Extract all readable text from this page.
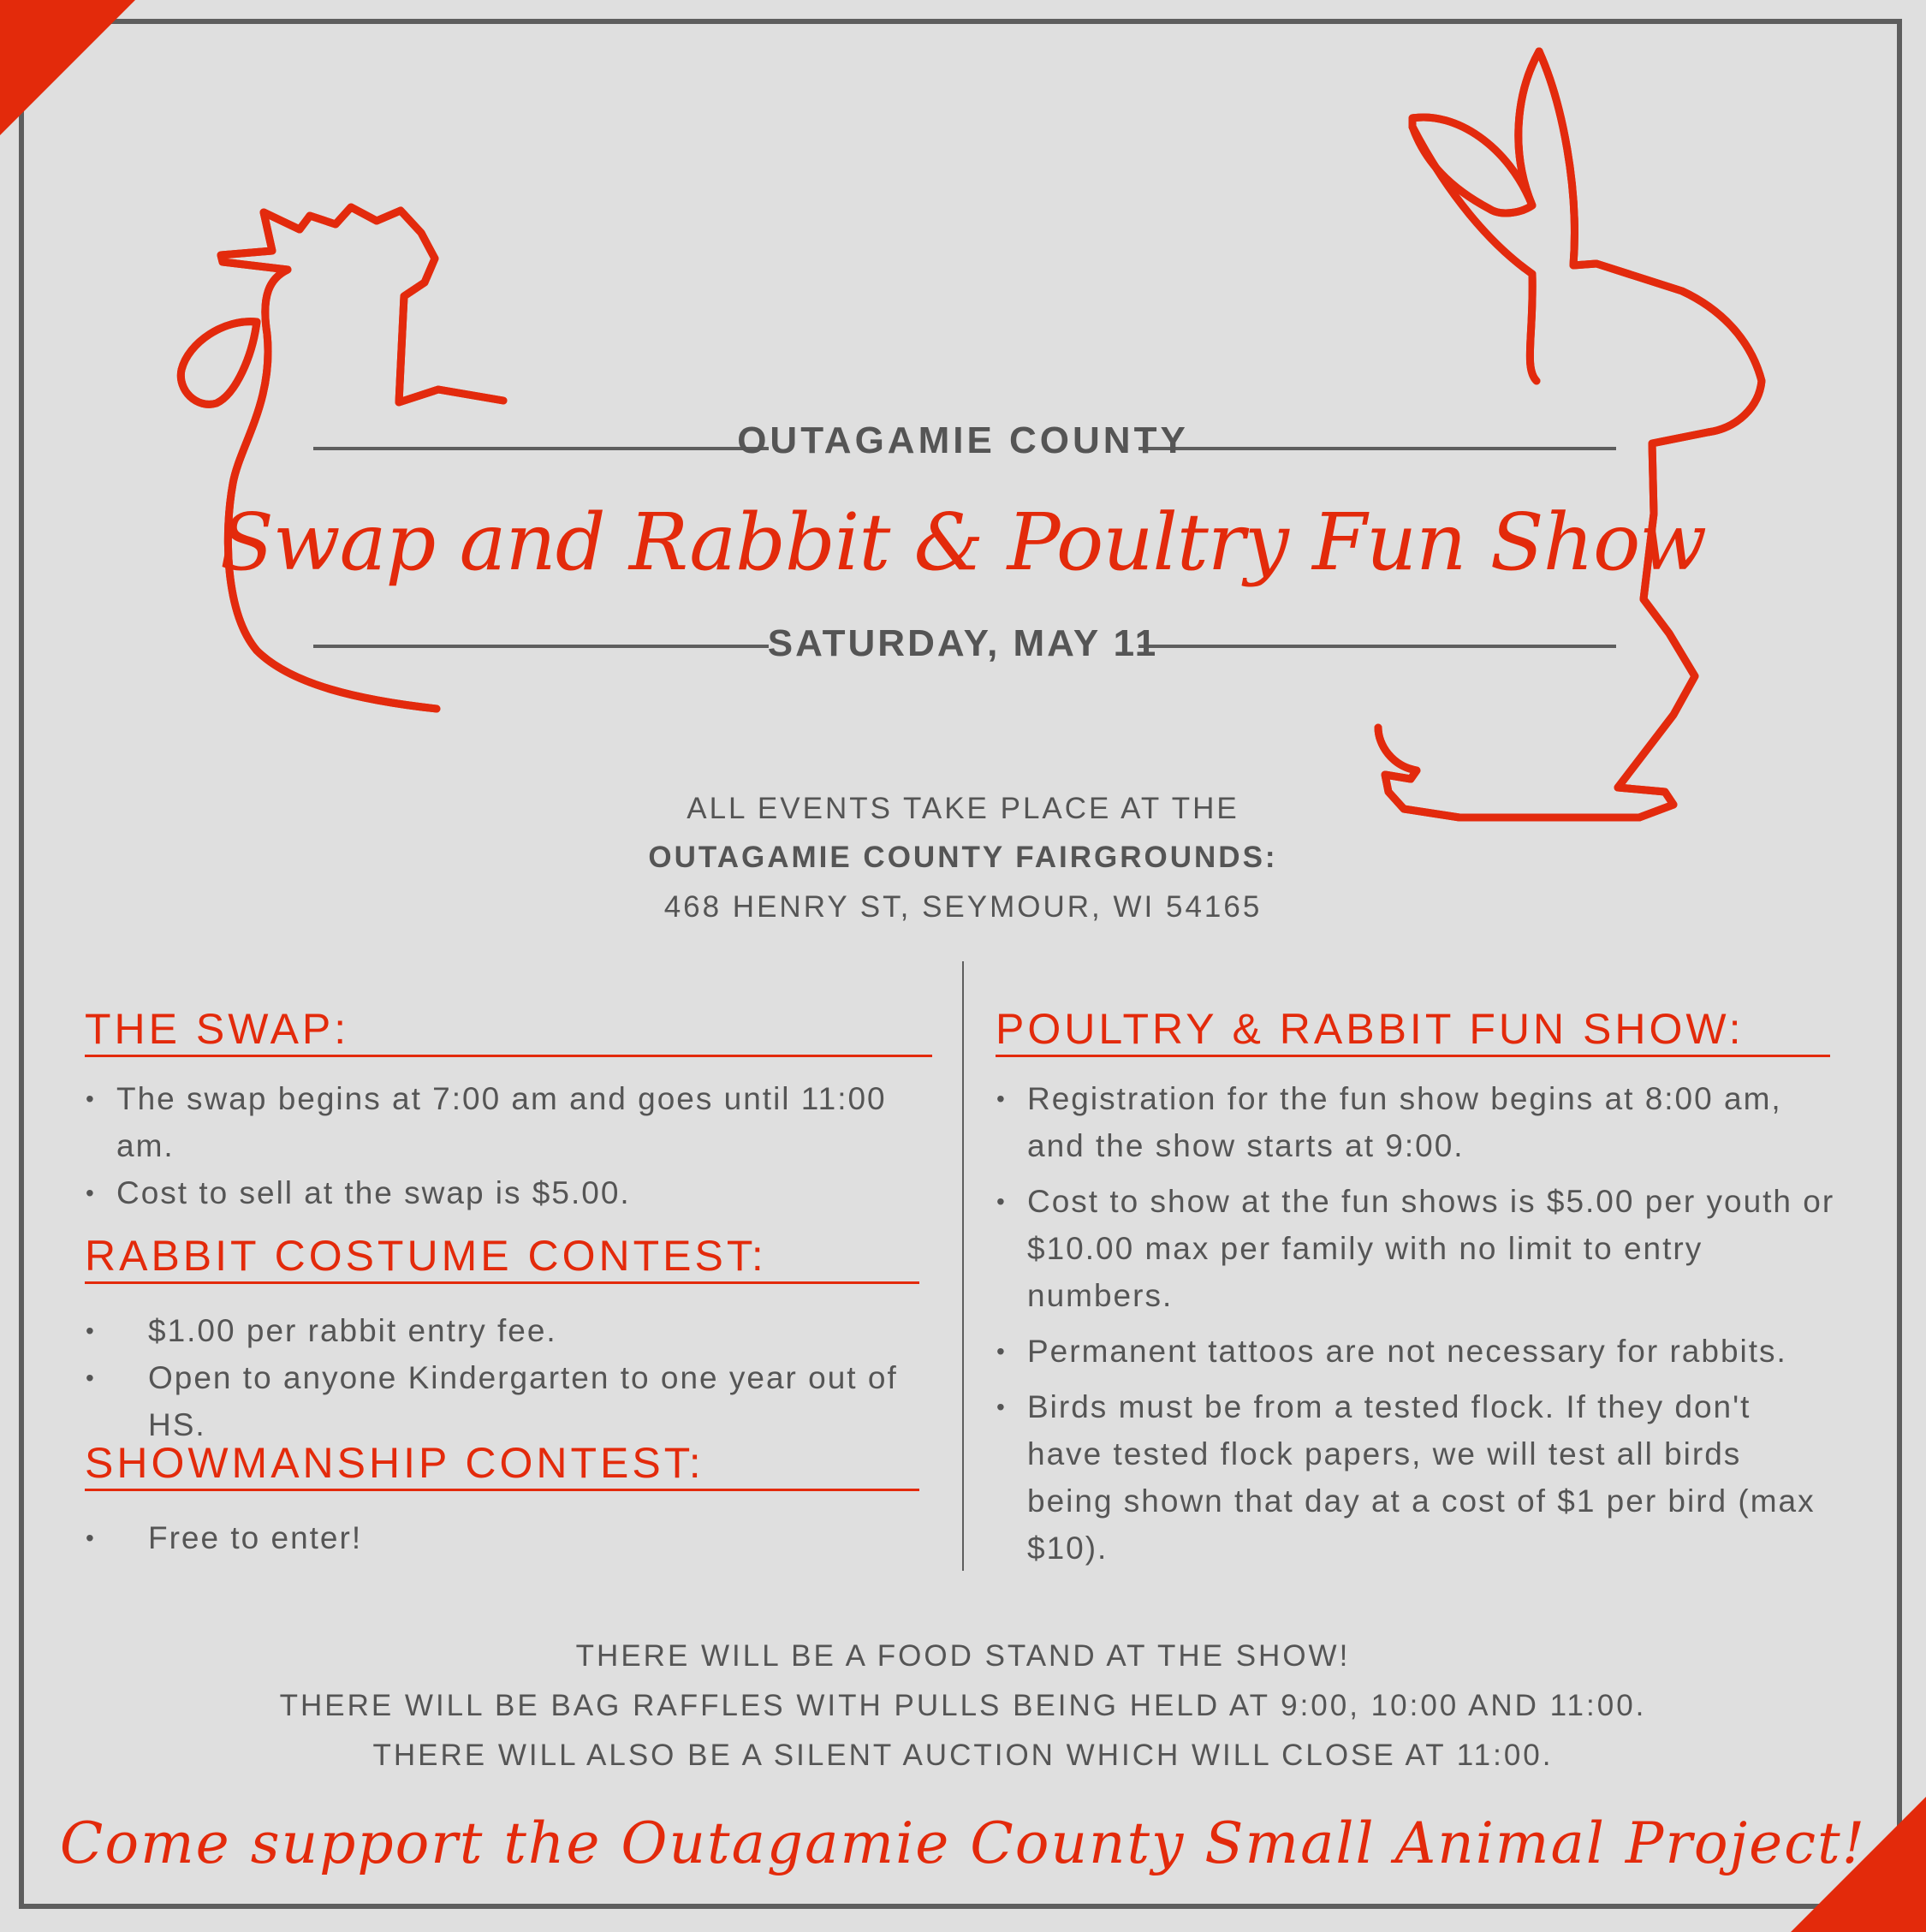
OUTAGAMIE COUNTY
Swap and Rabbit & Poultry Fun Show
SATURDAY, MAY 11
ALL EVENTS TAKE PLACE AT THE
OUTAGAMIE COUNTY FAIRGROUNDS:
468 HENRY ST, SEYMOUR, WI 54165
THE SWAP:
• The swap begins at 7:00 am and goes until 11:00 am.
• Cost to sell at the swap is $5.00.
RABBIT COSTUME CONTEST:
• $1.00 per rabbit entry fee.
• Open to anyone Kindergarten to one year out of HS.
SHOWMANSHIP CONTEST:
• Free to enter!
POULTRY & RABBIT FUN SHOW:
• Registration for the fun show begins at 8:00 am, and the show starts at 9:00.
• Cost to show at the fun shows is $5.00 per youth or $10.00 max per family with no limit to entry numbers.
• Permanent tattoos are not necessary for rabbits.
• Birds must be from a tested flock. If they don't have tested flock papers, we will test all birds being shown that day at a cost of $1 per bird (max $10).
THERE WILL BE A FOOD STAND AT THE SHOW!
THERE WILL BE BAG RAFFLES WITH PULLS BEING HELD AT 9:00, 10:00 AND 11:00.
THERE WILL ALSO BE A SILENT AUCTION WHICH WILL CLOSE AT 11:00.
Come support the Outagamie County Small Animal Project!
